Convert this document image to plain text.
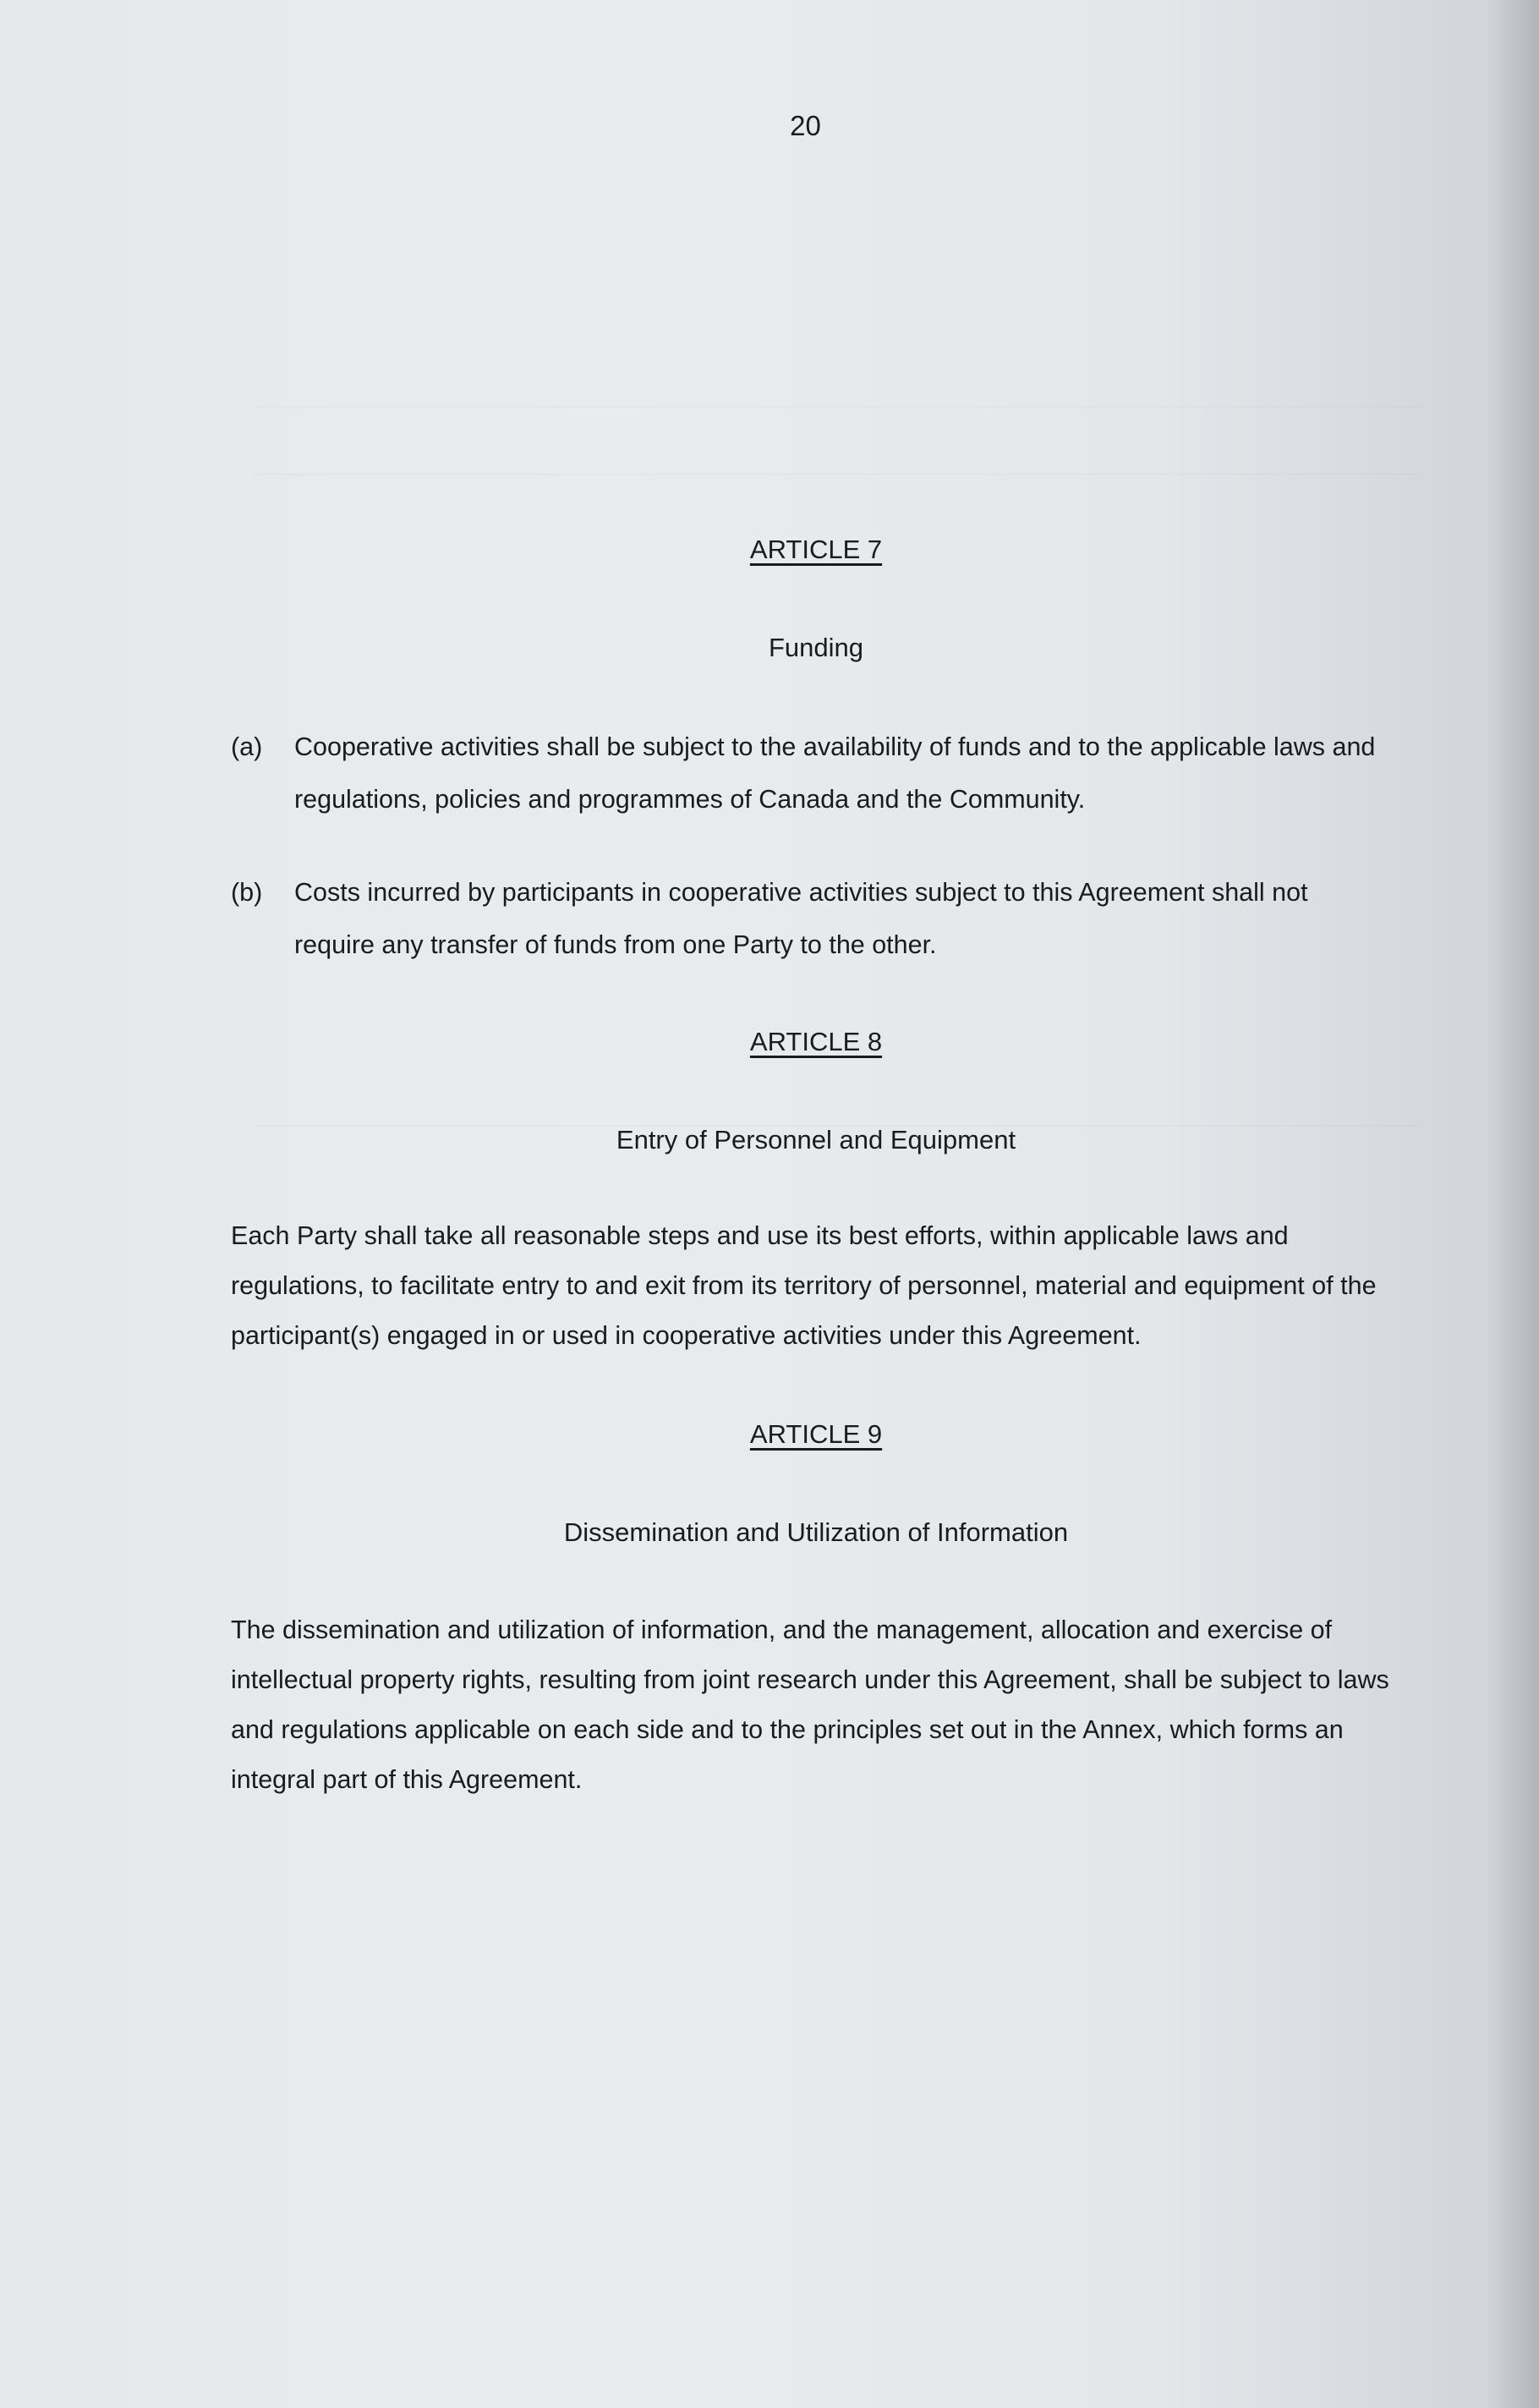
20
ARTICLE 7
Funding
(a) Cooperative activities shall be subject to the availability of funds and to the applicable laws and regulations, policies and programmes of Canada and the Community.
(b) Costs incurred by participants in cooperative activities subject to this Agreement shall not require any transfer of funds from one Party to the other.
ARTICLE 8
Entry of Personnel and Equipment

Each Party shall take all reasonable steps and use its best efforts, within applicable laws and regulations, to facilitate entry to and exit from its territory of personnel, material and equipment of the participant(s) engaged in or used in cooperative activities under this Agreement.

ARTICLE 9
Dissemination and Utilization of Information

The dissemination and utilization of information, and the management, allocation and exercise of intellectual property rights, resulting from joint research under this Agreement, shall be subject to laws and regulations applicable on each side and to the principles set out in the Annex, which forms an integral part of this Agreement.
